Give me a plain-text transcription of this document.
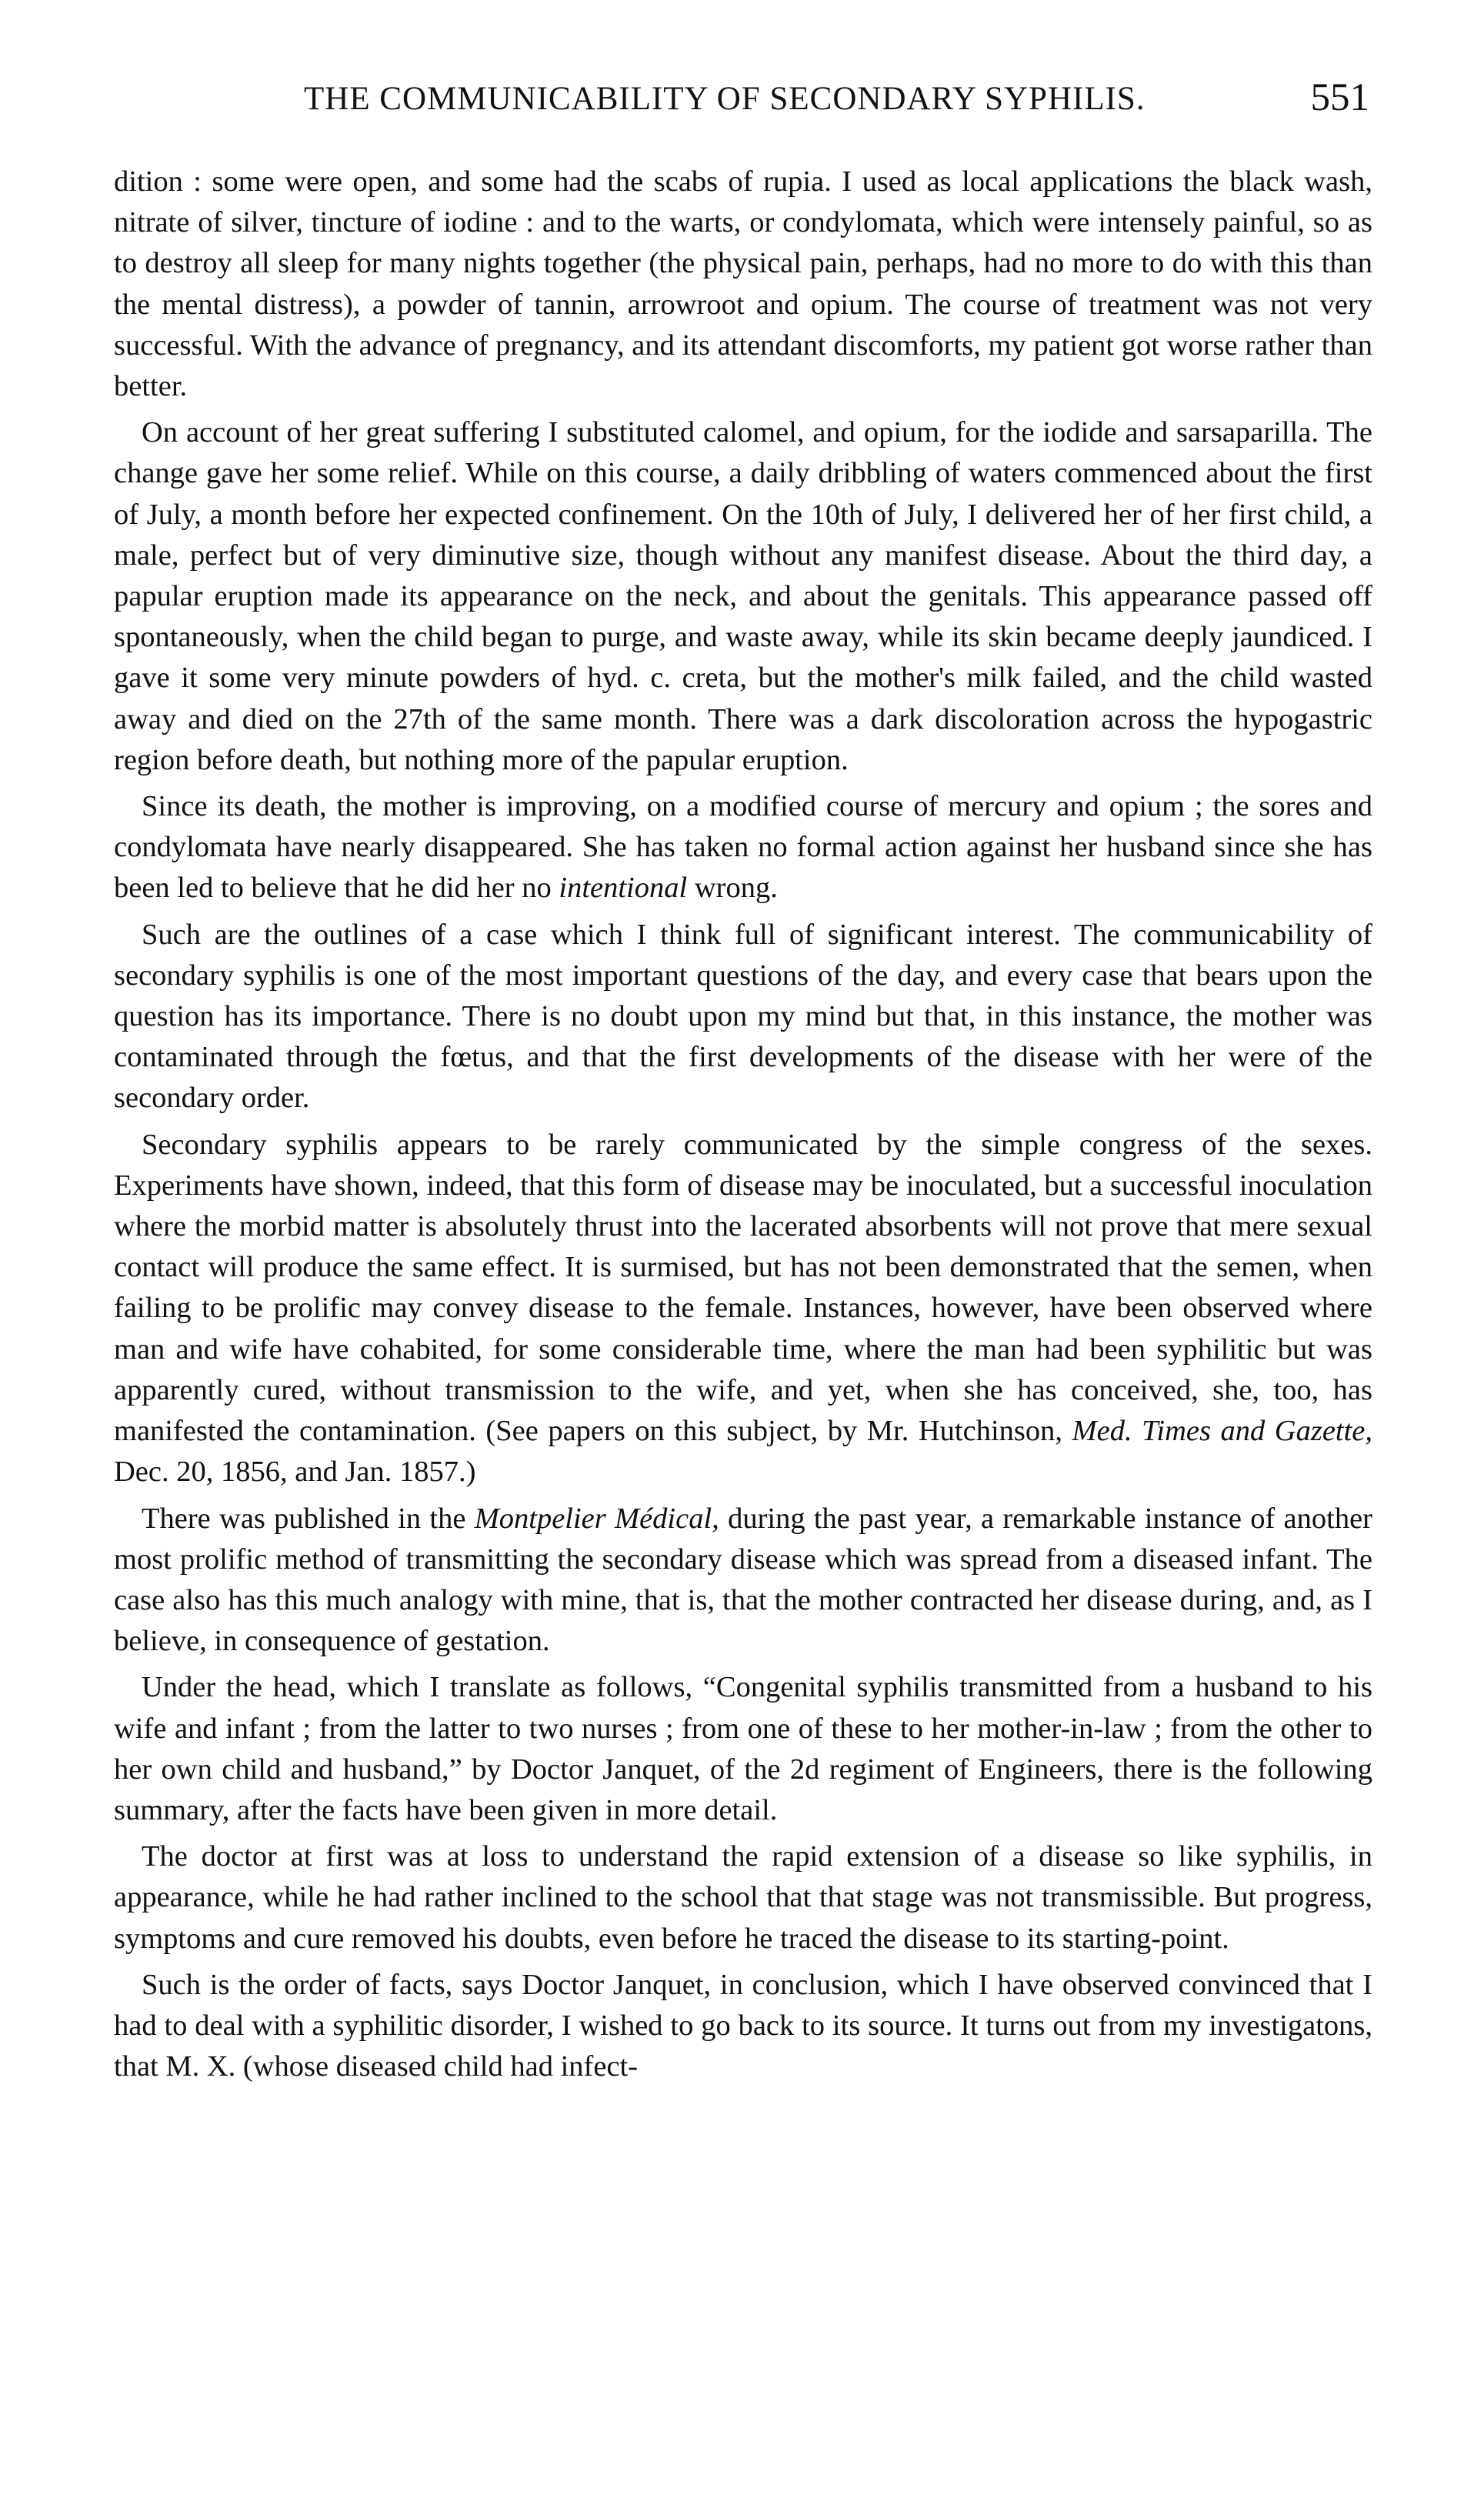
THE COMMUNICABILITY OF SECONDARY SYPHILIS.	551

dition : some were open, and some had the scabs of rupia. I used as local applications the black wash, nitrate of silver, tincture of iodine : and to the warts, or condylomata, which were intensely painful, so as to destroy all sleep for many nights together (the physical pain, perhaps, had no more to do with this than the mental distress), a powder of tannin, arrowroot and opium. The course of treatment was not very successful. With the advance of pregnancy, and its attendant discomforts, my patient got worse rather than better.

On account of her great suffering I substituted calomel, and opium, for the iodide and sarsaparilla. The change gave her some relief. While on this course, a daily dribbling of waters commenced about the first of July, a month before her expected confinement. On the 10th of July, I delivered her of her first child, a male, perfect but of very diminutive size, though without any manifest disease. About the third day, a papular eruption made its appearance on the neck, and about the genitals. This appearance passed off spontaneously, when the child began to purge, and waste away, while its skin became deeply jaundiced. I gave it some very minute powders of hyd. c. creta, but the mother's milk failed, and the child wasted away and died on the 27th of the same month. There was a dark discoloration across the hypogastric region before death, but nothing more of the papular eruption.

Since its death, the mother is improving, on a modified course of mercury and opium ; the sores and condylomata have nearly disappeared. She has taken no formal action against her husband since she has been led to believe that he did her no intentional wrong.

Such are the outlines of a case which I think full of significant interest. The communicability of secondary syphilis is one of the most important questions of the day, and every case that bears upon the question has its importance. There is no doubt upon my mind but that, in this instance, the mother was contaminated through the fœtus, and that the first developments of the disease with her were of the secondary order.

Secondary syphilis appears to be rarely communicated by the simple congress of the sexes. Experiments have shown, indeed, that this form of disease may be inoculated, but a successful inoculation where the morbid matter is absolutely thrust into the lacerated absorbents will not prove that mere sexual contact will produce the same effect. It is surmised, but has not been demonstrated that the semen, when failing to be prolific may convey disease to the female. Instances, however, have been observed where man and wife have cohabited, for some considerable time, where the man had been syphilitic but was apparently cured, without transmission to the wife, and yet, when she has conceived, she, too, has manifested the contamination. (See papers on this subject, by Mr. Hutchinson, Med. Times and Gazette, Dec. 20, 1856, and Jan. 1857.)

There was published in the Montpelier Médical, during the past year, a remarkable instance of another most prolific method of transmitting the secondary disease which was spread from a diseased infant. The case also has this much analogy with mine, that is, that the mother contracted her disease during, and, as I believe, in consequence of gestation.

Under the head, which I translate as follows, “Congenital syphilis transmitted from a husband to his wife and infant ; from the latter to two nurses ; from one of these to her mother-in-law ; from the other to her own child and husband,” by Doctor Janquet, of the 2d regiment of Engineers, there is the following summary, after the facts have been given in more detail.

The doctor at first was at loss to understand the rapid extension of a disease so like syphilis, in appearance, while he had rather inclined to the school that that stage was not transmissible. But progress, symptoms and cure removed his doubts, even before he traced the disease to its starting-point.

Such is the order of facts, says Doctor Janquet, in conclusion, which I have observed convinced that I had to deal with a syphilitic disorder, I wished to go back to its source. It turns out from my investigatons, that M. X. (whose diseased child had infect-
